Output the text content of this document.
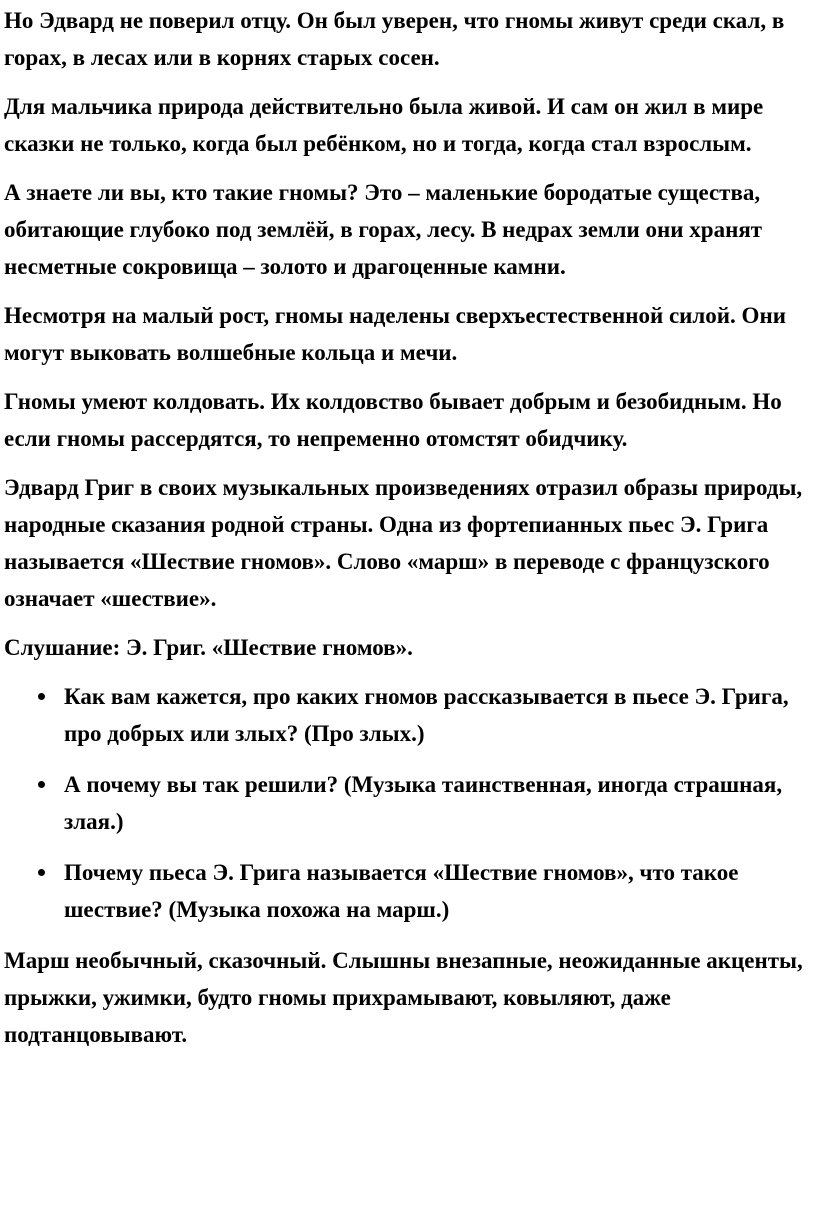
Но Эдвард не поверил отцу. Он был уверен, что гномы живут среди скал, в горах, в лесах или в корнях старых сосен.

Для мальчика природа действительно была живой. И сам он жил в мире сказки не только, когда был ребёнком, но и тогда, когда стал взрослым.

А знаете ли вы, кто такие гномы? Это – маленькие бородатые существа, обитающие глубоко под землёй, в горах, лесу. В недрах земли они хранят несметные сокровища – золото и драгоценные камни.

Несмотря на малый рост, гномы наделены сверхъестественной силой. Они могут выковать волшебные кольца и мечи.

Гномы умеют колдовать. Их колдовство бывает добрым и безобидным. Но если гномы рассердятся, то непременно отомстят обидчику.

Эдвард Григ в своих музыкальных произведениях отразил образы природы, народные сказания родной страны. Одна из фортепианных пьес Э. Грига называется «Шествие гномов». Слово «марш» в переводе с французского означает «шествие».

Слушание: Э. Григ. «Шествие гномов».

Как вам кажется, про каких гномов рассказывается в пьесе Э. Грига, про добрых или злых? (Про злых.)
А почему вы так решили? (Музыка таинственная, иногда страшная, злая.)
Почему пьеса Э. Грига называется «Шествие гномов», что такое шествие? (Музыка похожа на марш.)

Марш необычный, сказочный. Слышны внезапные, неожиданные акценты, прыжки, ужимки, будто гномы прихрамывают, ковыляют, даже подтанцовывают.
